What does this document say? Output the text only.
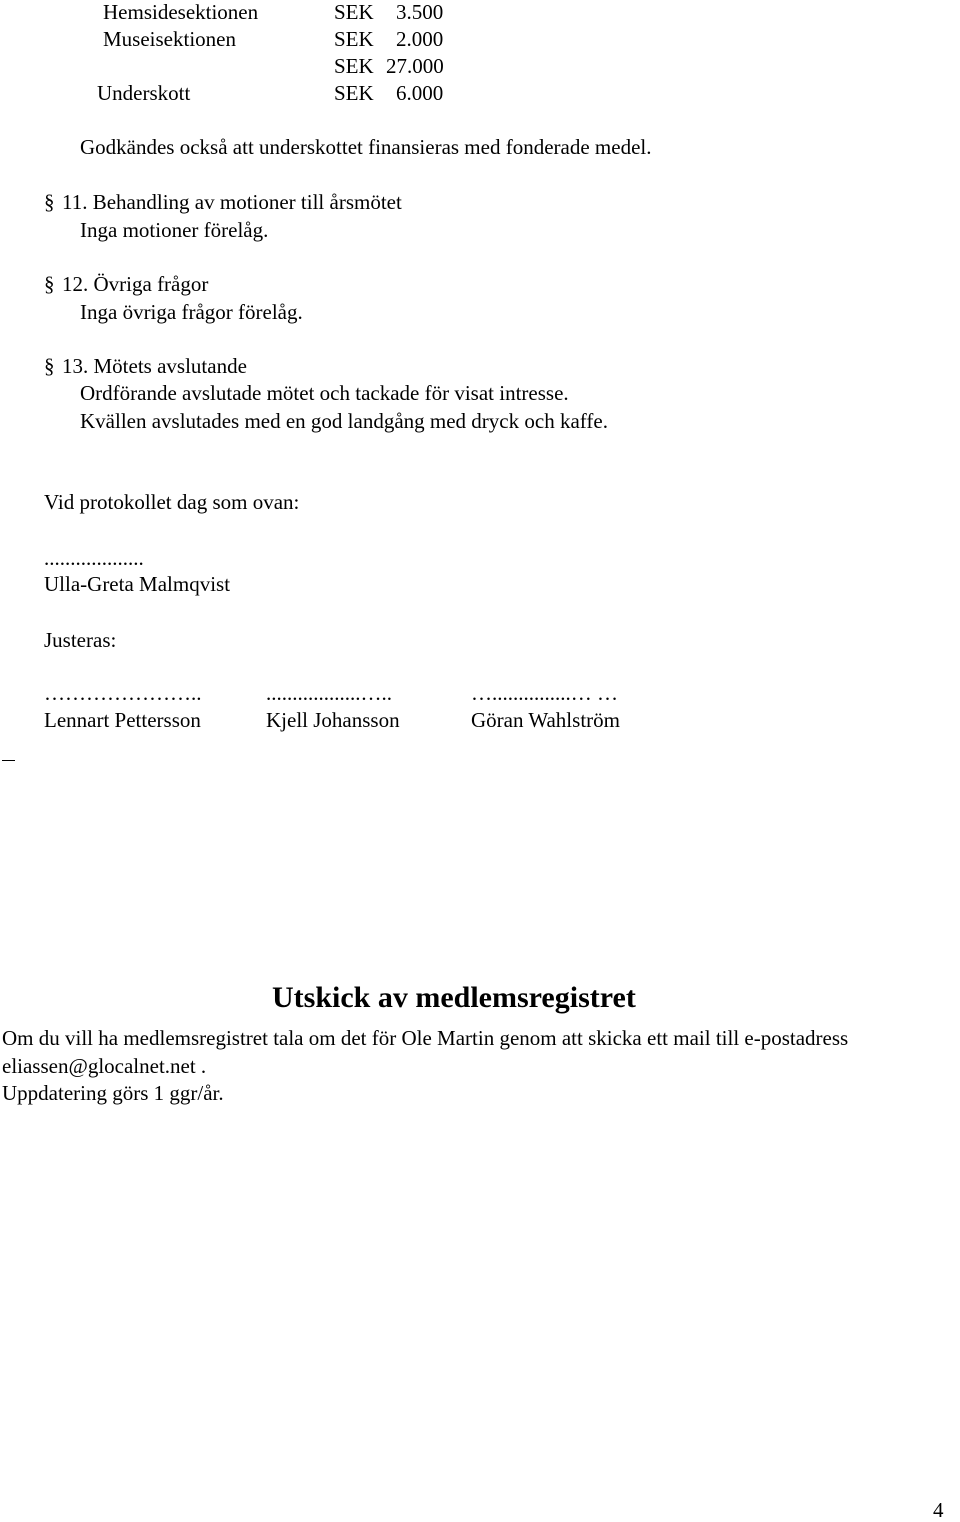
Hemsidesektionen	SEK 3.500
Museisektionen	SEK 2.000
SEK 27.000
Underskott	SEK 6.000
Godkändes också att underskottet finansieras med fonderade medel.
§ 11. Behandling av motioner till årsmötet
Inga motioner förelåg.
§ 12. Övriga frågor
Inga övriga frågor förelåg.
§ 13. Mötets avslutande
Ordförande avslutade mötet och tackade för visat intresse.
Kvällen avslutades med en god landgång med dryck och kaffe.
Vid protokollet dag som ovan:
...................
Ulla-Greta Malmqvist
Justeras:
…………………..	..................…..	…...............… …
Lennart Pettersson	Kjell Johansson	Göran Wahlström
Utskick av medlemsregistret
Om du vill ha medlemsregistret tala om det för Ole Martin genom att skicka ett mail till e-postadress
eliassen@glocalnet.net .
Uppdatering görs 1 ggr/år.
4
